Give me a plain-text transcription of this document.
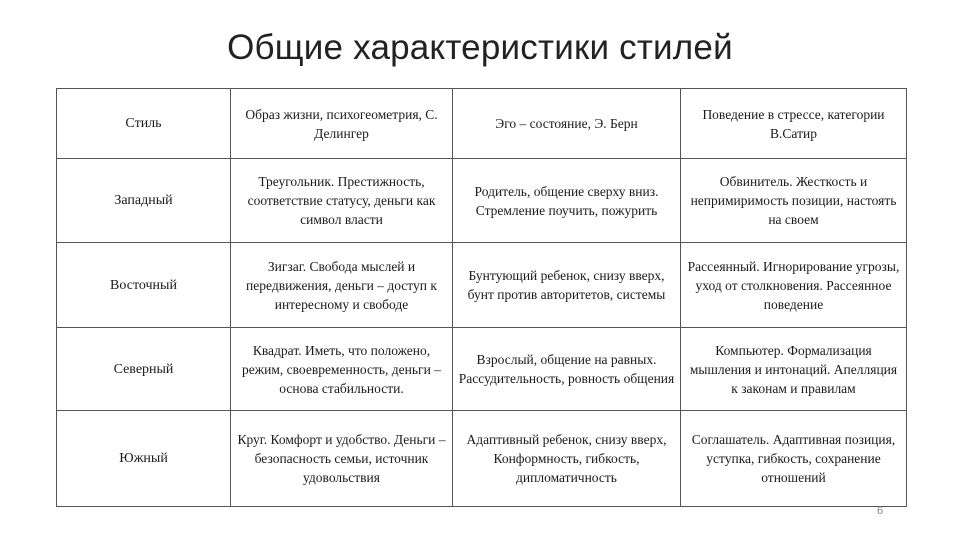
Общие характеристики стилей
Стиль	Образ жизни, психогеометрия, С. Делингер	Эго – состояние, Э. Берн	Поведение в стрессе, категории В.Сатир
Западный	Треугольник. Престижность, соответствие статусу, деньги как символ власти	Родитель, общение сверху вниз. Стремление поучить, пожурить	Обвинитель. Жесткость и непримиримость позиции, настоять на своем
Восточный	Зигзаг. Свобода мыслей и передвижения, деньги – доступ к интересному и свободе	Бунтующий ребенок, снизу вверх, бунт против авторитетов, системы	Рассеянный. Игнорирование угрозы, уход от столкновения. Рассеянное поведение
Северный	Квадрат. Иметь, что положено, режим, своевременность, деньги – основа стабильности.	Взрослый, общение на равных. Рассудительность, ровность общения	Компьютер. Формализация мышления и интонаций. Апелляция к законам и правилам
Южный	Круг. Комфорт и удобство. Деньги – безопасность семьи, источник удовольствия	Адаптивный ребенок, снизу вверх, Конформность, гибкость, дипломатичность	Соглашатель. Адаптивная позиция, уступка, гибкость, сохранение отношений
6
